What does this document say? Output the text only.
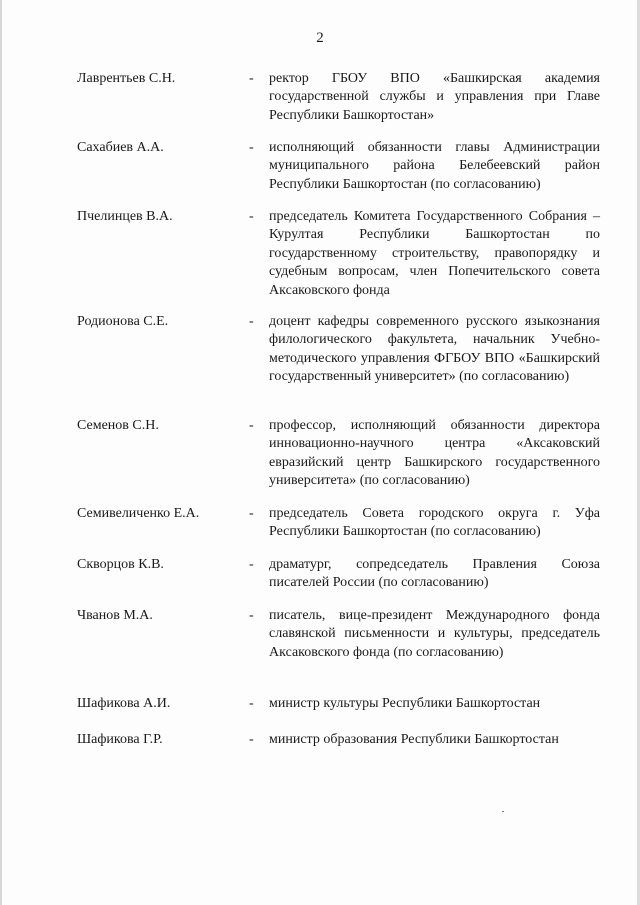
2
Лаврентьев С.Н.	- ректор ГБОУ ВПО «Башкирская академия государственной службы и управления при Главе Республики Башкортостан»
Сахабиев А.А.	- исполняющий обязанности главы Администрации муниципального района Белебеевский район Республики Башкортостан (по согласованию)
Пчелинцев В.А.	- председатель Комитета Государственного Собрания – Курултая Республики Башкортостан по государственному строительству, правопорядку и судебным вопросам, член Попечительского совета Аксаковского фонда
Родионова С.Е.	- доцент кафедры современного русского языкознания филологического факультета, начальник Учебно-методического управления ФГБОУ ВПО «Башкирский государственный университет» (по согласованию)
Семенов С.Н.	- профессор, исполняющий обязанности директора инновационно-научного центра «Аксаковский евразийский центр Башкирского государственного университета» (по согласованию)
Семивеличенко Е.А.	- председатель Совета городского округа г. Уфа Республики Башкортостан (по согласованию)
Скворцов К.В.	- драматург, сопредседатель Правления Союза писателей России (по согласованию)
Чванов М.А.	- писатель, вице-президент Международного фонда славянской письменности и культуры, председатель Аксаковского фонда (по согласованию)
Шафикова А.И.	- министр культуры Республики Башкортостан
Шафикова Г.Р.	- министр образования Республики Башкортостан
